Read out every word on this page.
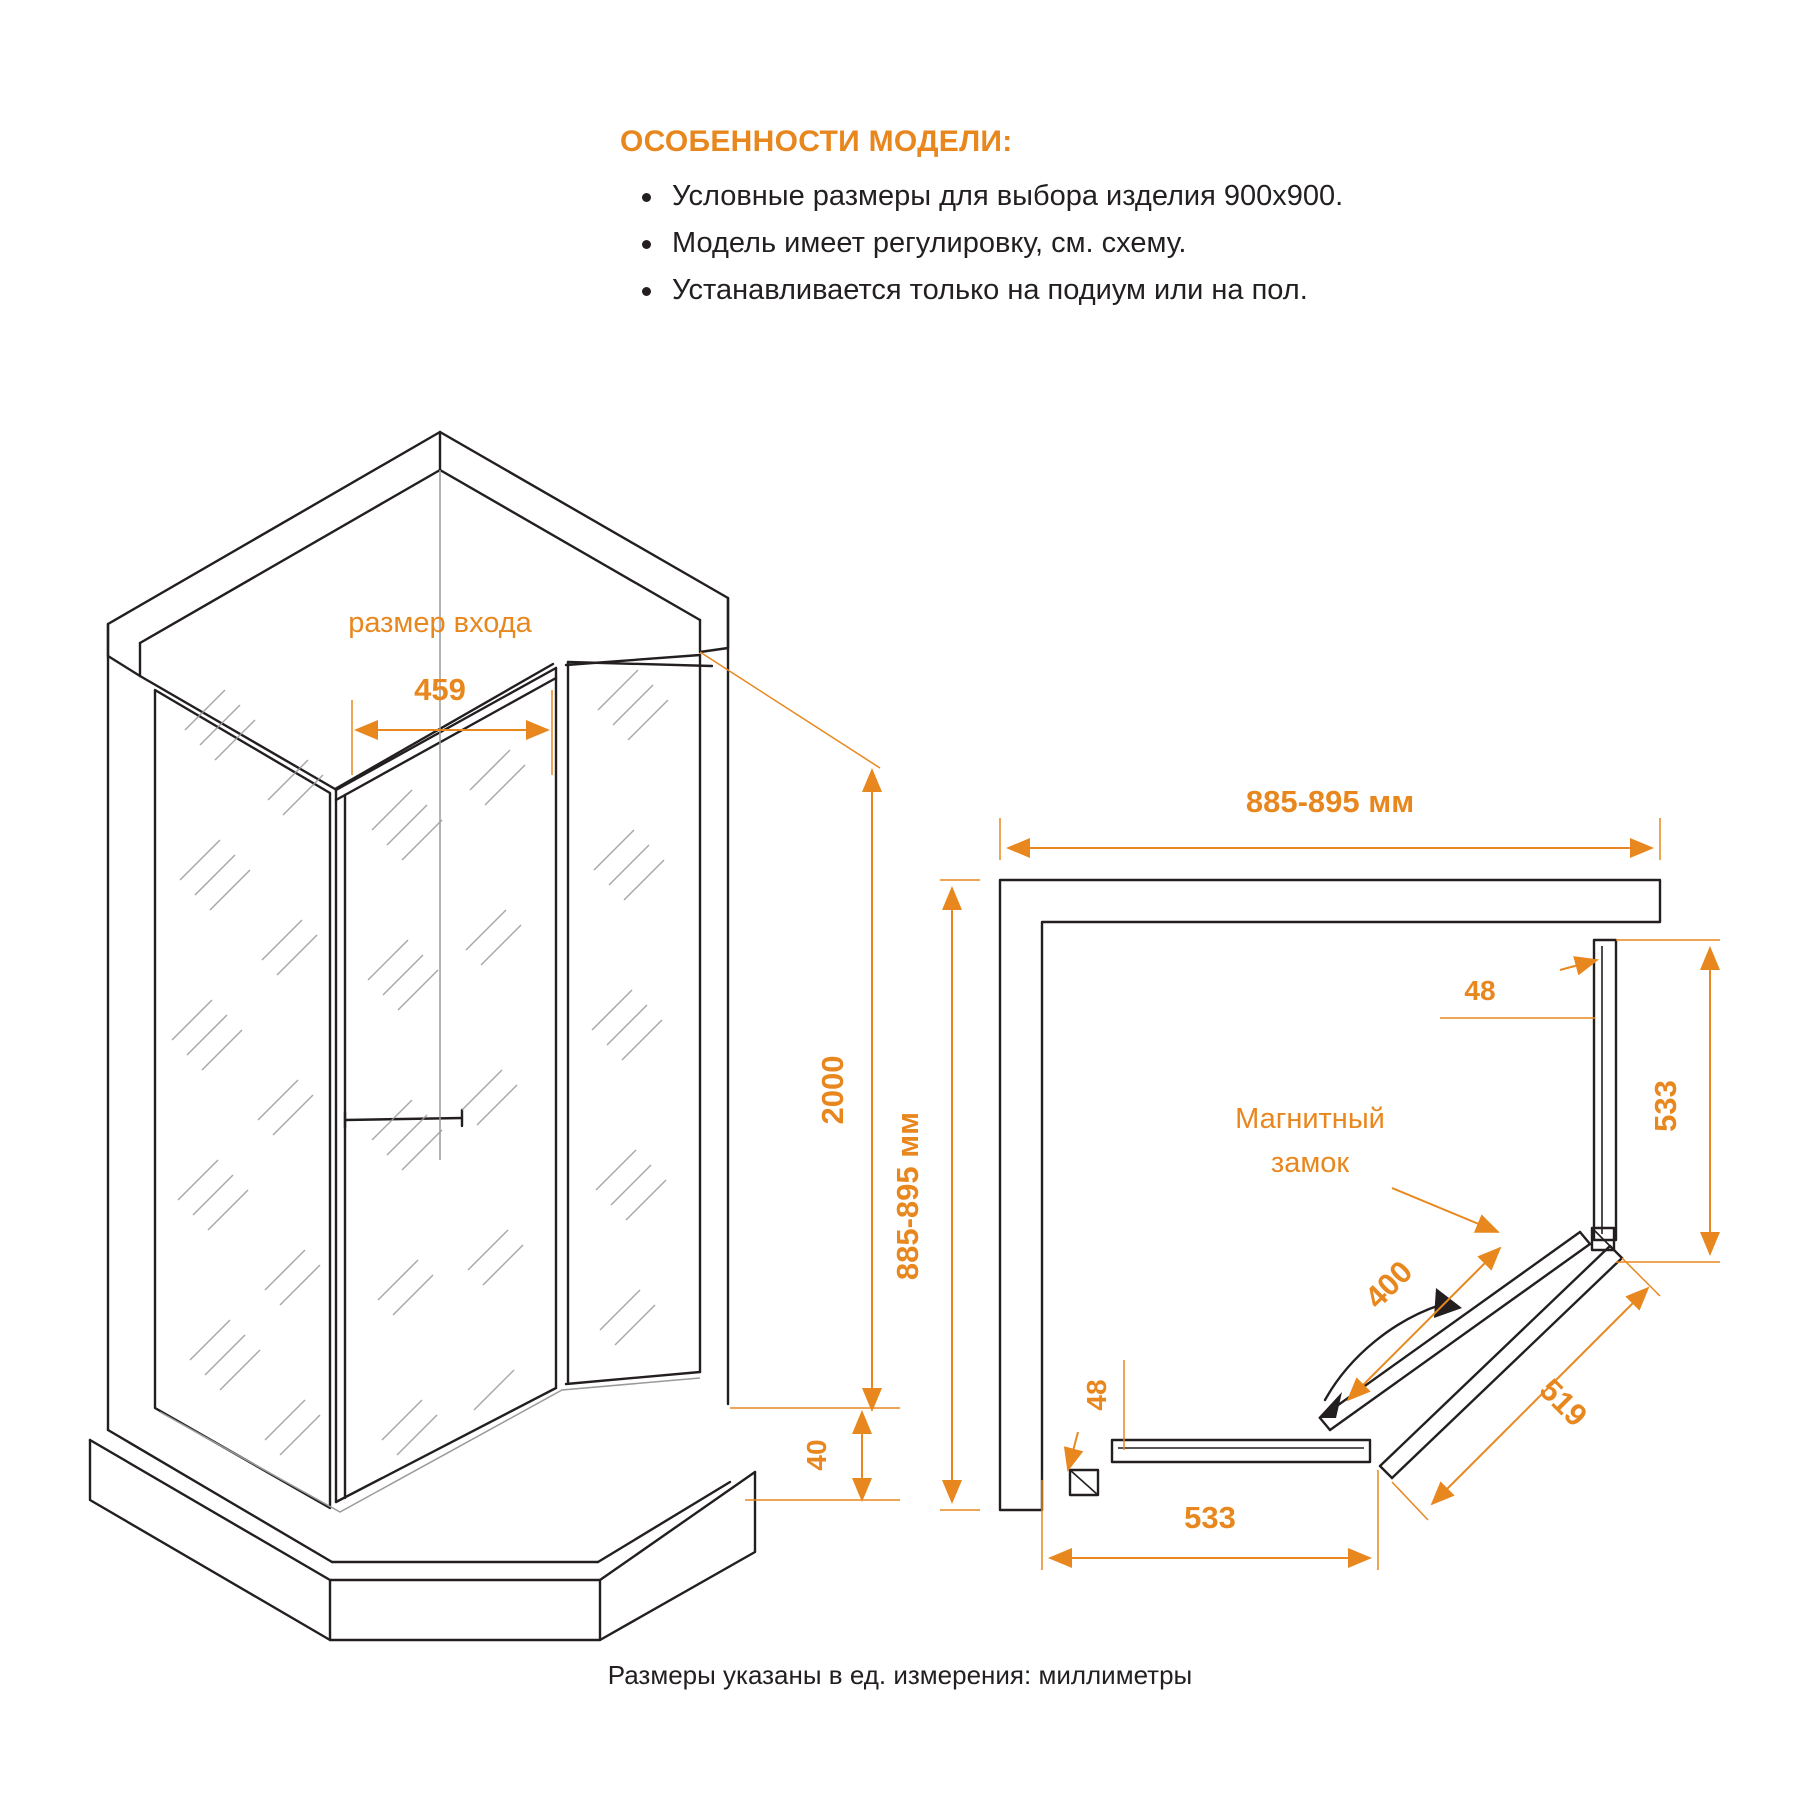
ОСОБЕННОСТИ МОДЕЛИ:
Условные размеры для выбора изделия 900х900.
Модель имеет регулировку, см. схему.
Устанавливается только на подиум или на пол.
размер входа
459
2000
40
885-895 мм
885-895 мм
48
533
519
400
48
533
Магнитный
замок
Размеры указаны в ед. измерения: миллиметры
